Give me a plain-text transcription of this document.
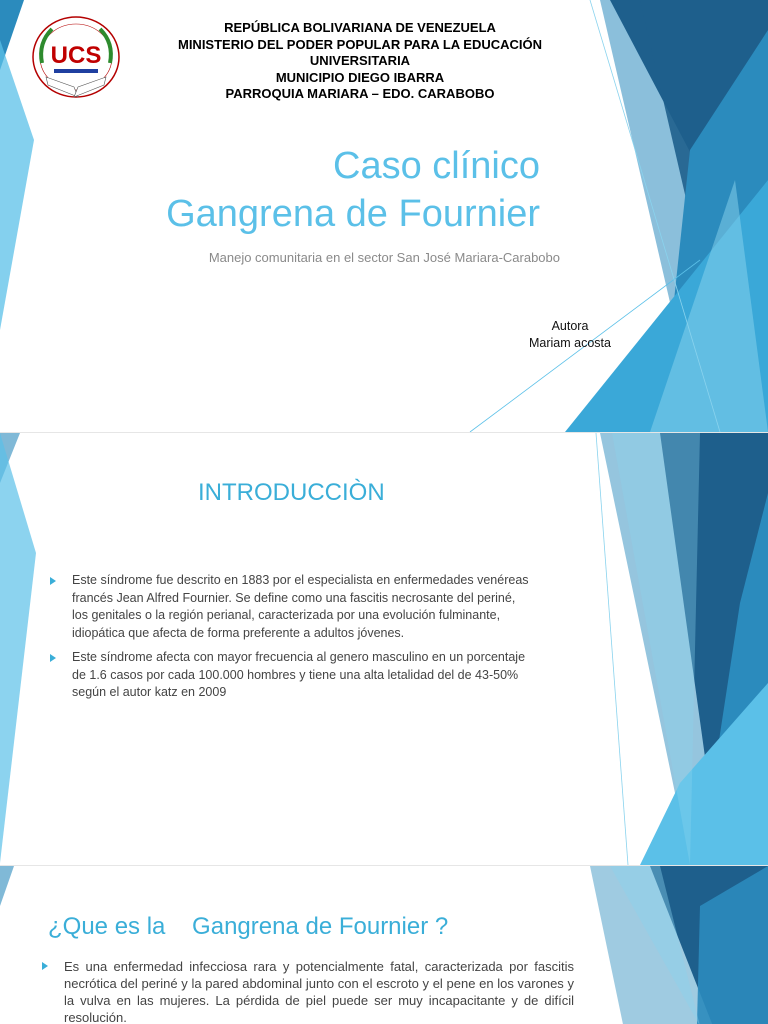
UCS
REPÚBLICA BOLIVARIANA DE VENEZUELA
MINISTERIO DEL PODER POPULAR PARA LA EDUCACIÓN
UNIVERSITARIA
MUNICIPIO DIEGO IBARRA
PARROQUIA MARIARA – EDO. CARABOBO
Caso clínico
Gangrena de Fournier
Manejo comunitaria en el sector San José Mariara-Carabobo
Autora
Mariam acosta
INTRODUCCIÒN
Este síndrome fue descrito en 1883 por el especialista en enfermedades venéreas francés Jean Alfred Fournier. Se define como una fascitis necrosante del periné, los genitales o la región perianal, caracterizada por una evolución fulminante, idiopática que afecta de forma preferente a adultos jóvenes.
Este síndrome afecta con mayor frecuencia al genero masculino en un porcentaje de 1.6 casos por cada 100.000 hombres y tiene una alta letalidad del de 43-50% según el autor katz en 2009
¿Que es la    Gangrena de Fournier ?
Es una enfermedad infecciosa rara y potencialmente fatal, caracterizada por fascitis necrótica del periné y la pared abdominal junto con el escroto y el pene en los varones y la vulva en las mujeres. La pérdida de piel puede ser muy incapacitante y de difícil resolución.
